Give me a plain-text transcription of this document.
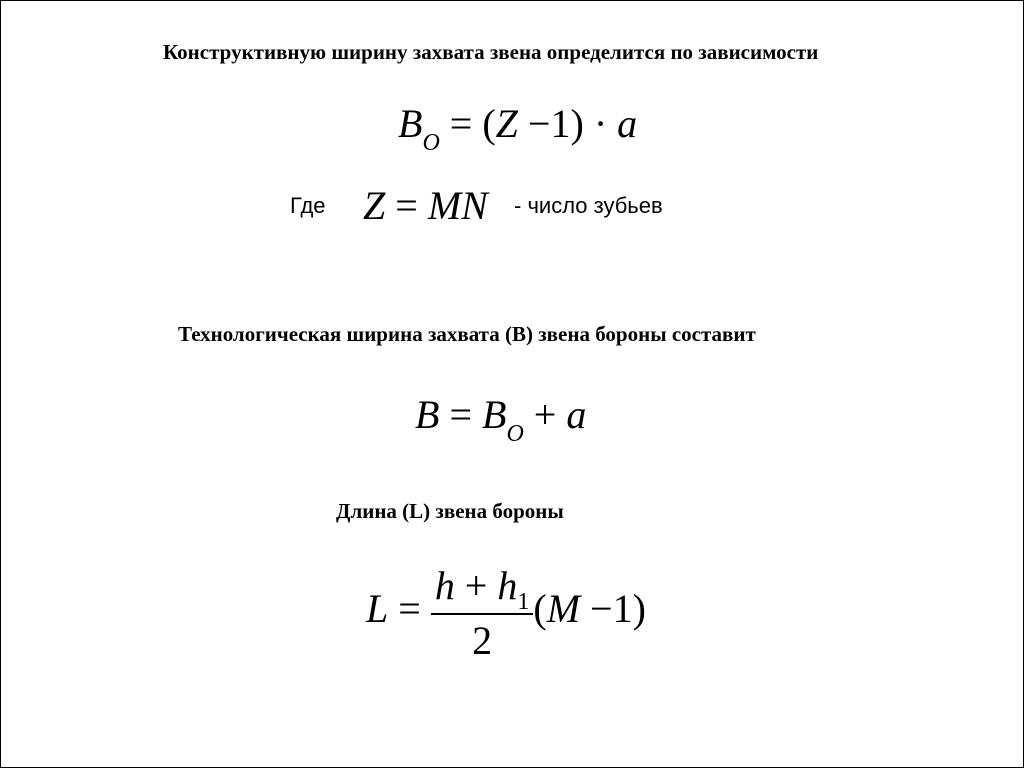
Конструктивную ширину захвата звена определится по зависимости
$B_O = (Z -1) \cdot a$
Где Z = MN - число зубьев
Технологическая ширина захвата (В) звена бороны составит
$B = B_O + a$
Длина (L) звена бороны
$L = \frac{h + h_1}{2} (M -1)$
